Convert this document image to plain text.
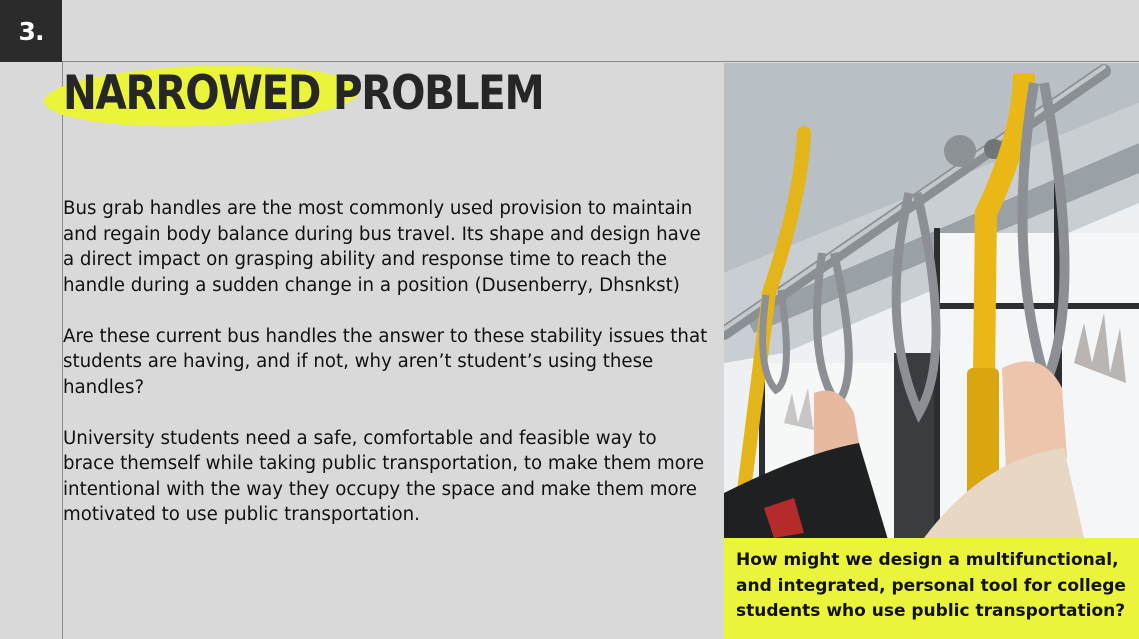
3.
NARROWED PROBLEM

Bus grab handles are the most commonly used provision to maintain and regain body balance during bus travel. Its shape and design have a direct impact on grasping ability and response time to reach the handle during a sudden change in a position (Dusenberry, Dhsnkst)

Are these current bus handles the answer to these stability issues that students are having, and if not, why aren’t student’s using these handles?

University students need a safe, comfortable and feasible way to brace themself while taking public transportation, to make them more intentional with the way they occupy the space and make them more motivated to use public transportation.

How might we design a multifunctional, and integrated, personal tool for college students who use public transportation?
